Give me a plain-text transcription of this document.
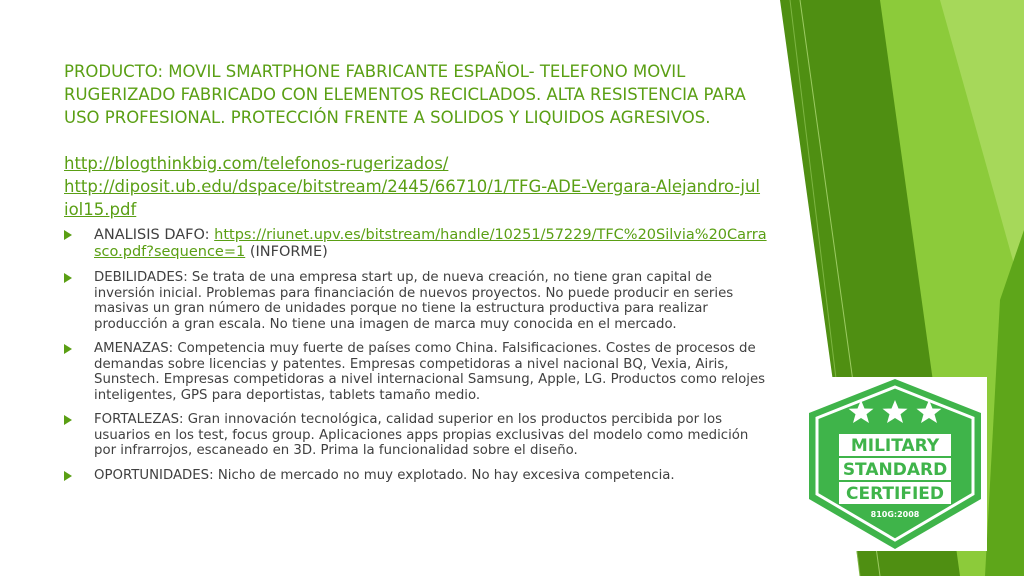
PRODUCTO: MOVIL SMARTPHONE FABRICANTE ESPAÑOL- TELEFONO MOVIL RUGERIZADO FABRICADO CON ELEMENTOS RECICLADOS. ALTA RESISTENCIA PARA USO PROFESIONAL. PROTECCIÓN FRENTE A SOLIDOS Y LIQUIDOS AGRESIVOS.
http://blogthinkbig.com/telefonos-rugerizados/
http://diposit.ub.edu/dspace/bitstream/2445/66710/1/TFG-ADE-Vergara-Alejandro-juliol15.pdf
ANALISIS DAFO: https://riunet.upv.es/bitstream/handle/10251/57229/TFC%20Silvia%20Carrasco.pdf?sequence=1 (INFORME)
DEBILIDADES: Se trata de una empresa start up, de nueva creación, no tiene gran capital de inversión inicial. Problemas para financiación de nuevos proyectos. No puede producir en series masivas un gran número de unidades porque no tiene la estructura productiva para realizar producción a gran escala. No tiene una imagen de marca muy conocida en el mercado.
AMENAZAS: Competencia muy fuerte de países como China. Falsificaciones. Costes de procesos de demandas sobre licencias y patentes. Empresas competidoras a nivel nacional BQ, Vexia, Airis, Sunstech. Empresas competidoras a nivel internacional Samsung, Apple, LG. Productos como relojes inteligentes, GPS para deportistas, tablets tamaño medio.
FORTALEZAS: Gran innovación tecnológica, calidad superior en los productos percibida por los usuarios en los test, focus group. Aplicaciones apps propias exclusivas del modelo como medición por infrarrojos, escaneado en 3D. Prima la funcionalidad sobre el diseño.
OPORTUNIDADES: Nicho de mercado no muy explotado. No hay excesiva competencia.
MILITARY
STANDARD
CERTIFIED
810G:2008
